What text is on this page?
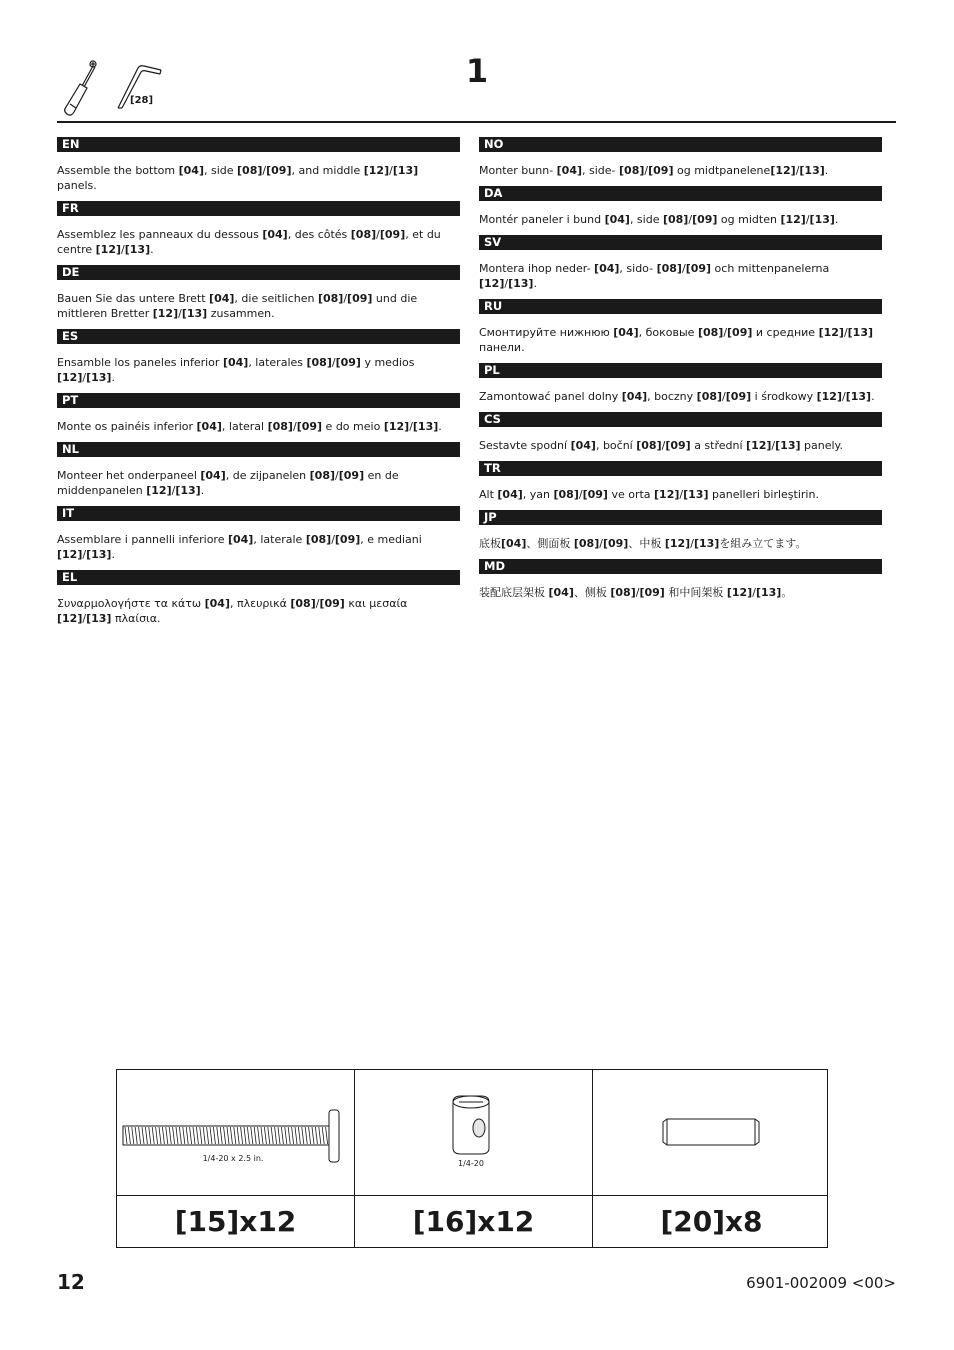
[28]
1
EN
Assemble the bottom [04], side [08]/[09], and middle [12]/[13] panels.
FR
Assemblez les panneaux du dessous [04], des côtés [08]/[09], et du centre [12]/[13].
DE
Bauen Sie das untere Brett [04], die seitlichen [08]/[09] und die mittleren Bretter [12]/[13] zusammen.
ES
Ensamble los paneles inferior [04], laterales [08]/[09] y medios [12]/[13].
PT
Monte os painéis inferior [04], lateral [08]/[09] e do meio [12]/[13].
NL
Monteer het onderpaneel [04], de zijpanelen [08]/[09] en de middenpanelen [12]/[13].
IT
Assemblare i pannelli inferiore [04], laterale [08]/[09], e mediani [12]/[13].
EL
Συναρμολογήστε τα κάτω [04], πλευρικά [08]/[09] και μεσαία [12]/[13] πλαίσια.
NO
Monter bunn- [04], side- [08]/[09] og midtpanelene[12]/[13].
DA
Montér paneler i bund [04], side [08]/[09] og midten [12]/[13].
SV
Montera ihop neder- [04], sido- [08]/[09] och mittenpanelerna [12]/[13].
RU
Смонтируйте нижнюю [04], боковые [08]/[09] и средние [12]/[13] панели.
PL
Zamontować panel dolny [04], boczny [08]/[09] i środkowy [12]/[13].
CS
Sestavte spodní [04], boční [08]/[09] a střední [12]/[13] panely.
TR
Alt [04], yan [08]/[09] ve orta [12]/[13] panelleri birleştirin.
JP
底板[04]、側面板 [08]/[09]、中板 [12]/[13]を組み立てます。
MD
装配底层架板 [04]、侧板 [08]/[09] 和中间架板 [12]/[13]。
1/4-20 x 2.5 in.
1/4-20
[15]x12	[16]x12	[20]x8
12	6901-002009 <00>
